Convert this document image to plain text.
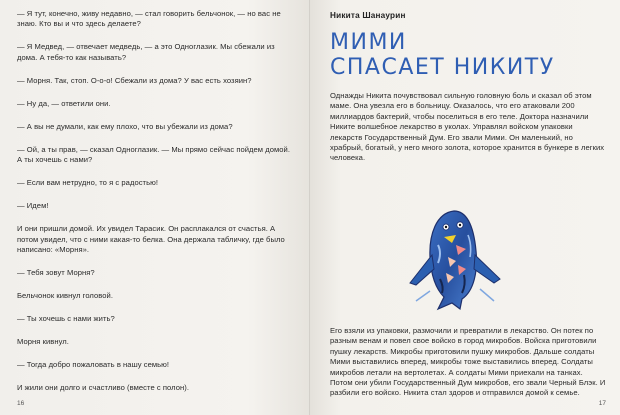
— Я тут, конечно, живу недавно, — стал говорить бельчонок, — но вас не знаю. Кто вы и что здесь делаете?

— Я Медвед, — отвечает медведь, — а это Одноглазик. Мы сбежали из дома. А тебя-то как называть?

— Морня. Так, стоп. О-о-о! Сбежали из дома? У вас есть хозяин?

— Ну да, — ответили они.

— А вы не думали, как ему плохо, что вы убежали из дома?

— Ой, а ты прав, — сказал Одноглазик. — Мы прямо сейчас пойдем домой. А ты хочешь с нами?

— Если вам нетрудно, то я с радостью!

— Идем!

И они пришли домой. Их увидел Тарасик. Он расплакался от счастья. А потом увидел, что с ними какая-то белка. Она держала табличку, где было написано: «Морня».

— Тебя зовут Морня?

Бельчонок кивнул головой.

— Ты хочешь с нами жить?

Морня кивнул.

— Тогда добро пожаловать в нашу семью!

И жили они долго и счастливо (вместе с полон).

16

Никита Шанаурин

МИМИ
СПАСАЕТ НИКИТУ

Однажды Никита почувствовал сильную головную боль и сказал об этом маме. Она увезла его в больницу. Оказалось, что его атаковали 200 миллиардов бактерий, чтобы поселиться в его теле. Доктора назначили Никите волшебное лекарство в уколах. Управлял войском упаковки лекарств Государственный Дум. Его звали Мими. Он маленький, но храбрый, богатый, у него много золота, которое хранится в бункере в легких человека.

Его взяли из упаковки, размочили и превратили в лекарство. Он потек по разным венам и повел свое войско в город микробов. Войска приготовили пушку лекарств. Микробы приготовили пушку микробов. Дальше солдаты Мими выставились вперед, микробы тоже выставились вперед. Солдаты микробов летали на вертолетах. А солдаты Мими приехали на танках. Потом они убили Государственный Дум микробов, его звали Черный Блэк. И разбили его войско. Никита стал здоров и отправился домой к семье.

17
